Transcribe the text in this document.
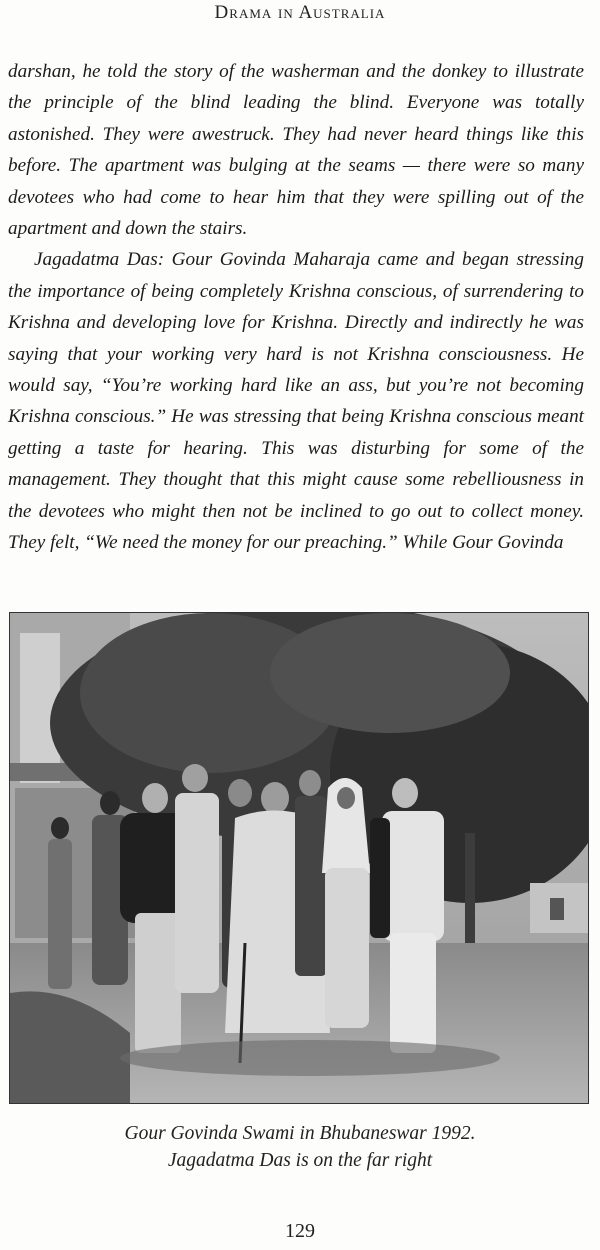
Drama in Australia

darshan, he told the story of the washerman and the donkey to illustrate the principle of the blind leading the blind. Everyone was totally astonished. They were awestruck. They had never heard things like this before. The apartment was bulging at the seams — there were so many devotees who had come to hear him that they were spilling out of the apartment and down the stairs.

Jagadatma Das: Gour Govinda Maharaja came and began stressing the importance of being completely Krishna conscious, of surrendering to Krishna and developing love for Krishna. Directly and indirectly he was saying that your working very hard is not Krishna consciousness. He would say, “You’re working hard like an ass, but you’re not becoming Krishna conscious.” He was stressing that being Krishna conscious meant getting a taste for hearing. This was disturbing for some of the management. They thought that this might cause some rebelliousness in the devotees who might then not be inclined to go out to collect money. They felt, “We need the money for our preaching.” While Gour Govinda

Gour Govinda Swami in Bhubaneswar 1992.
Jagadatma Das is on the far right
129
